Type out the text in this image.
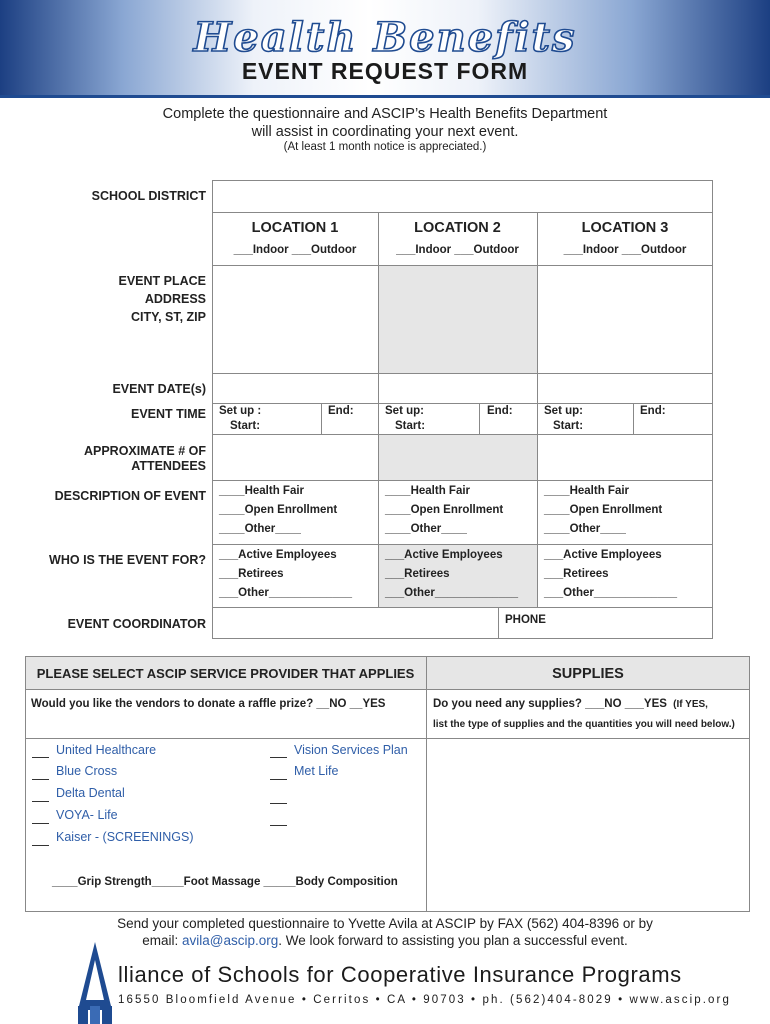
Health Benefits
EVENT REQUEST FORM
Complete the questionnaire and ASCIP’s Health Benefits Department
will assist in coordinating your next event.
(At least 1 month notice is appreciated.)
SCHOOL DISTRICT
EVENT PLACE
ADDRESS
CITY, ST, ZIP
EVENT DATE(s)
EVENT TIME
APPROXIMATE # OF
ATTENDEES
DESCRIPTION OF EVENT
WHO IS THE EVENT FOR?
EVENT COORDINATOR
LOCATION 1
___Indoor ___Outdoor
Set up :
Start:
End:
____Health Fair
____Open Enrollment
____Other____
___Active Employees
___Retirees
___Other_____________
LOCATION 2
___Indoor ___Outdoor
Set up:
Start:
End:
____Health Fair
____Open Enrollment
____Other____
___Active Employees
___Retirees
___Other_____________
LOCATION 3
___Indoor ___Outdoor
Set up:
Start:
End:
____Health Fair
____Open Enrollment
____Other____
___Active Employees
___Retirees
___Other_____________
PHONE
PLEASE SELECT ASCIP SERVICE PROVIDER THAT APPLIES	SUPPLIES
Would you like the vendors to donate a raffle prize? __NO __YES	Do you need any supplies? ___NO ___YES (If YES,
list the type of supplies and the quantities you will need below.)
United Healthcare
Blue Cross
Delta Dental
VOYA- Life
Kaiser - (SCREENINGS)
Vision Services Plan
Met Life
____Grip Strength_____Foot Massage _____Body Composition
Send your completed questionnaire to Yvette Avila at ASCIP by FAX (562) 404-8396 or by
email: avila@ascip.org. We look forward to assisting you plan a successful event.
lliance of Schools for Cooperative Insurance Programs
16550 Bloomfield Avenue • Cerritos • CA • 90703 • ph. (562)404-8029 • www.ascip.org
